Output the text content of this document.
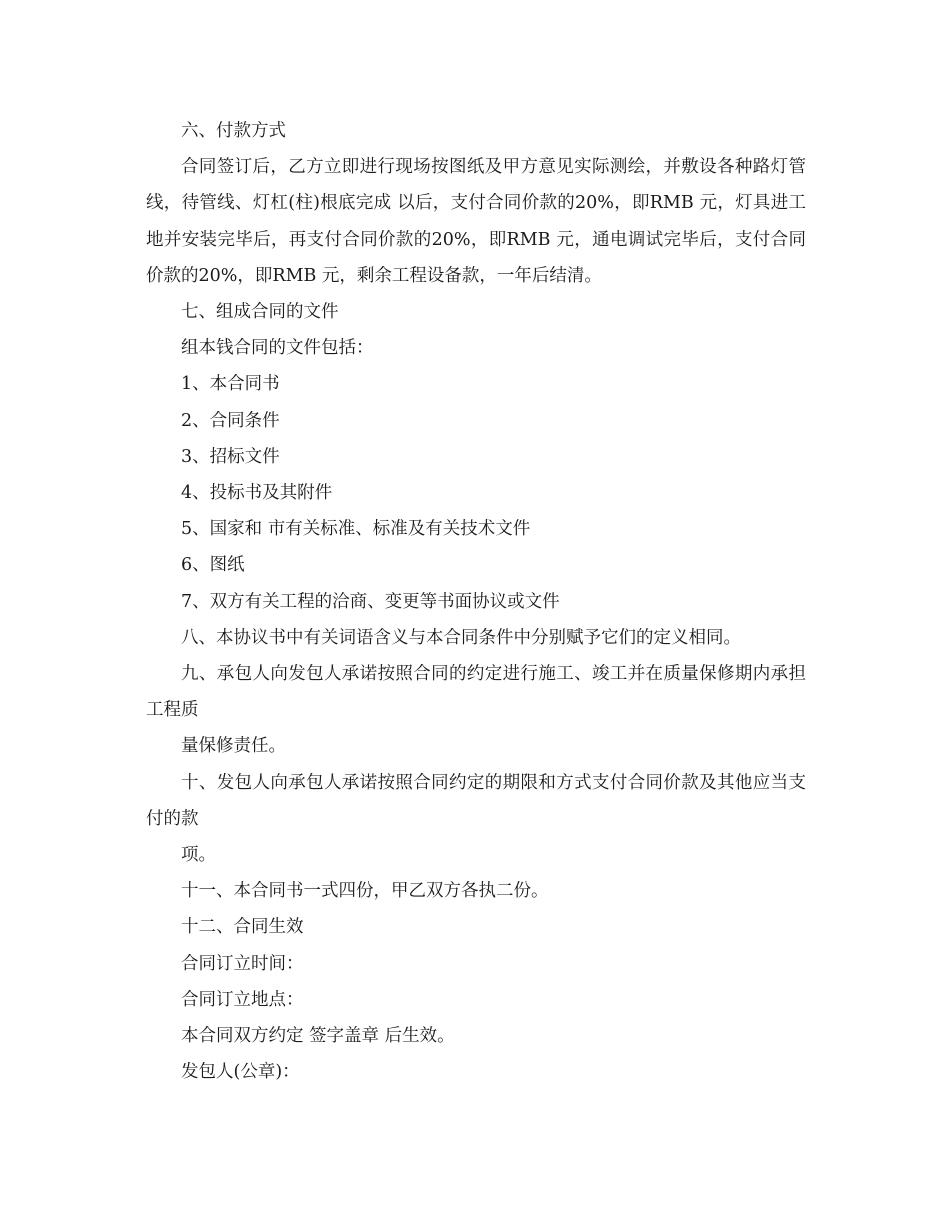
六、付款方式

合同签订后，乙方立即进行现场按图纸及甲方意见实际测绘，并敷设各种路灯管线，待管线、灯杠(柱)根底完成 以后，支付合同价款的20%，即RMB 元，灯具进工地并安装完毕后，再支付合同价款的20%，即RMB 元，通电调试完毕后，支付合同价款的20%，即RMB 元，剩余工程设备款，一年后结清。

七、组成合同的文件

组本钱合同的文件包括：

1、本合同书

2、合同条件

3、招标文件

4、投标书及其附件

5、国家和 市有关标准、标准及有关技术文件

6、图纸

7、双方有关工程的洽商、变更等书面协议或文件

八、本协议书中有关词语含义与本合同条件中分别赋予它们的定义相同。

九、承包人向发包人承诺按照合同的约定进行施工、竣工并在质量保修期内承担工程质

量保修责任。

十、发包人向承包人承诺按照合同约定的期限和方式支付合同价款及其他应当支付的款

项。

十一、本合同书一式四份，甲乙双方各执二份。

十二、合同生效

合同订立时间：

合同订立地点：

本合同双方约定 签字盖章 后生效。

发包人(公章)：
